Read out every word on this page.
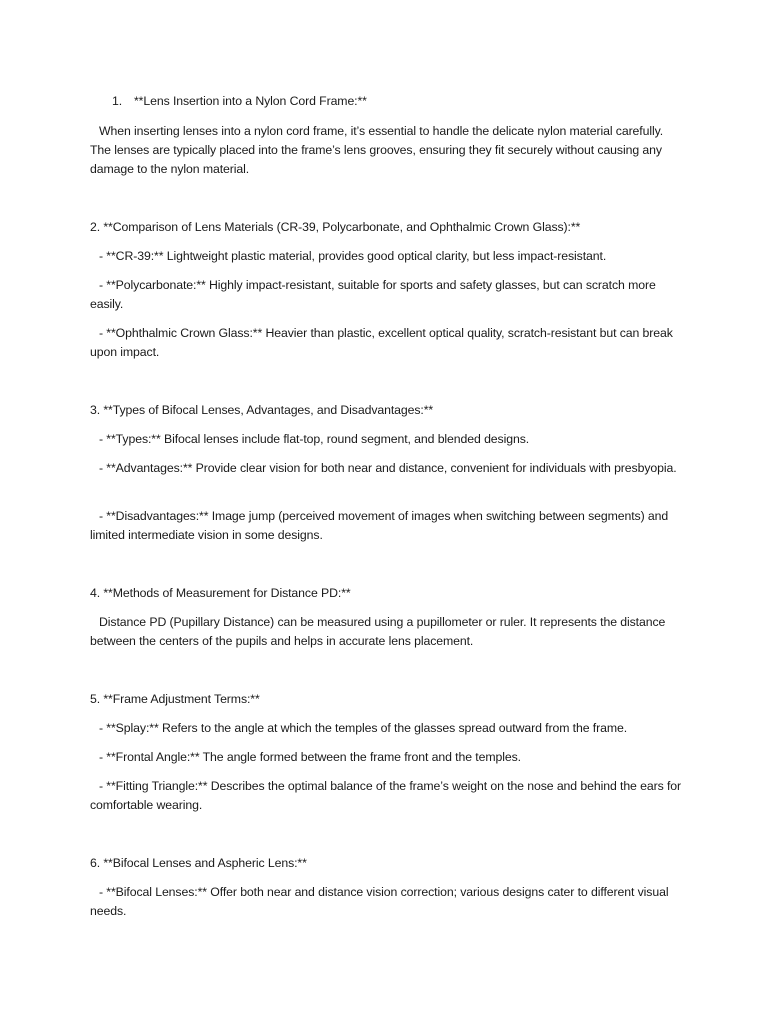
1. **Lens Insertion into a Nylon Cord Frame:**
When inserting lenses into a nylon cord frame, it’s essential to handle the delicate nylon material carefully. The lenses are typically placed into the frame’s lens grooves, ensuring they fit securely without causing any damage to the nylon material.
2. **Comparison of Lens Materials (CR-39, Polycarbonate, and Ophthalmic Crown Glass):**
- **CR-39:** Lightweight plastic material, provides good optical clarity, but less impact-resistant.
- **Polycarbonate:** Highly impact-resistant, suitable for sports and safety glasses, but can scratch more easily.
- **Ophthalmic Crown Glass:** Heavier than plastic, excellent optical quality, scratch-resistant but can break upon impact.
3. **Types of Bifocal Lenses, Advantages, and Disadvantages:**
- **Types:** Bifocal lenses include flat-top, round segment, and blended designs.
- **Advantages:** Provide clear vision for both near and distance, convenient for individuals with presbyopia.
- **Disadvantages:** Image jump (perceived movement of images when switching between segments) and limited intermediate vision in some designs.
4. **Methods of Measurement for Distance PD:**
Distance PD (Pupillary Distance) can be measured using a pupillometer or ruler. It represents the distance between the centers of the pupils and helps in accurate lens placement.
5. **Frame Adjustment Terms:**
- **Splay:** Refers to the angle at which the temples of the glasses spread outward from the frame.
- **Frontal Angle:** The angle formed between the frame front and the temples.
- **Fitting Triangle:** Describes the optimal balance of the frame’s weight on the nose and behind the ears for comfortable wearing.
6. **Bifocal Lenses and Aspheric Lens:**
- **Bifocal Lenses:** Offer both near and distance vision correction; various designs cater to different visual needs.
